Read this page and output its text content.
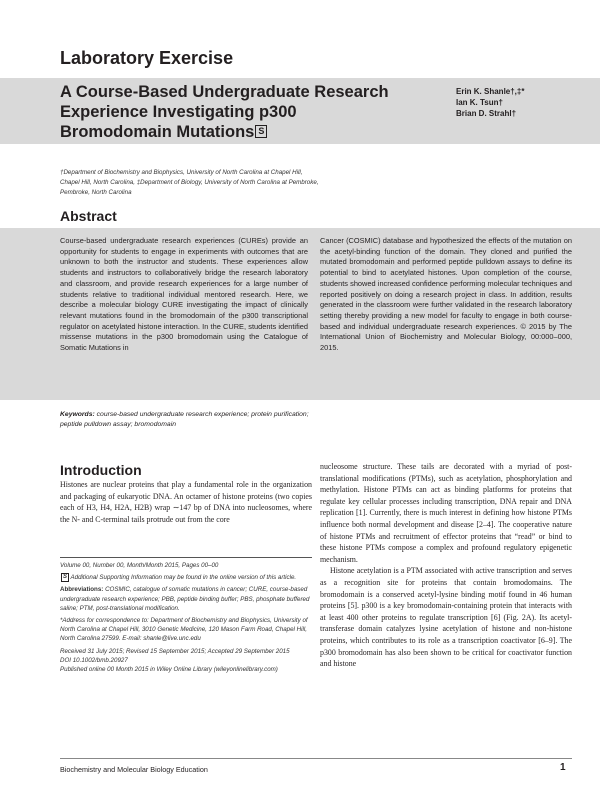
Laboratory Exercise
A Course-Based Undergraduate Research Experience Investigating p300 Bromodomain Mutations S
Erin K. Shanle†,‡*
Ian K. Tsun†
Brian D. Strahl†
†Department of Biochemistry and Biophysics, University of North Carolina at Chapel Hill, Chapel Hill, North Carolina, ‡Department of Biology, University of North Carolina at Pembroke, Pembroke, North Carolina
Abstract
Course-based undergraduate research experiences (CUREs) provide an opportunity for students to engage in experiments with outcomes that are unknown to both the instructor and students. These experiences allow students and instructors to collaboratively bridge the research laboratory and classroom, and provide research experiences for a large number of students relative to traditional individual mentored research. Here, we describe a molecular biology CURE investigating the impact of clinically relevant mutations found in the bromodomain of the p300 transcriptional regulator on acetylated histone interaction. In the CURE, students identified missense mutations in the p300 bromodomain using the Catalogue of Somatic Mutations in
Cancer (COSMIC) database and hypothesized the effects of the mutation on the acetyl-binding function of the domain. They cloned and purified the mutated bromodomain and performed peptide pulldown assays to define its potential to bind to acetylated histones. Upon completion of the course, students showed increased confidence performing molecular techniques and reported positively on doing a research project in class. In addition, results generated in the classroom were further validated in the research laboratory setting thereby providing a new model for faculty to engage in both course-based and individual undergraduate research experiences. © 2015 by The International Union of Biochemistry and Molecular Biology, 00:000–000, 2015.
Keywords: course-based undergraduate research experience; protein purification; peptide pulldown assay; bromodomain
Introduction

Histones are nuclear proteins that play a fundamental role in the organization and packaging of eukaryotic DNA. An octamer of histone proteins (two copies each of H3, H4, H2A, H2B) wrap ∼147 bp of DNA into nucleosomes, where the N- and C-terminal tails protrude out from the core

nucleosome structure. These tails are decorated with a myriad of post-translational modifications (PTMs), such as acetylation, phosphorylation and methylation. Histone PTMs can act as binding platforms for proteins that regulate key cellular processes including transcription, DNA repair and DNA replication [1]. Currently, there is much interest in defining how histone PTMs influence both normal development and disease [2–4]. The cooperative nature of histone PTMs and recruitment of effector proteins that “read” or bind to these histone PTMs compose a complex and profound regulatory epigenetic mechanism.

Histone acetylation is a PTM associated with active transcription and serves as a recognition site for proteins that contain bromodomains. The bromodomain is a conserved acetyl-lysine binding motif found in 46 human proteins [5]. p300 is a key bromodomain-containing protein that interacts with at least 400 other proteins to regulate transcription [6] (Fig. 2A). Its acetyl-transferase domain catalyzes lysine acetylation of histone and non-histone proteins, which contributes to its role as a transcription coactivator [6–9]. The p300 bromodomain has also been shown to be critical for coactivator function and histone

Volume 00, Number 00, Month/Month 2015, Pages 00–00
S Additional Supporting Information may be found in the online version of this article.
Abbreviations: COSMIC, catalogue of somatic mutations in cancer; CURE, course-based undergraduate research experience; PBB, peptide binding buffer; PBS, phosphate buffered saline; PTM, post-translational modification.
*Address for correspondence to: Department of Biochemistry and Biophysics, University of North Carolina at Chapel Hill, 3010 Genetic Medicine, 120 Mason Farm Road, Chapel Hill, North Carolina 27599. E-mail: shanle@live.unc.edu
Received 31 July 2015; Revised 15 September 2015; Accepted 29 September 2015
DOI 10.1002/bmb.20927
Published online 00 Month 2015 in Wiley Online Library (wileyonlinelibrary.com)
Biochemistry and Molecular Biology Education	1
